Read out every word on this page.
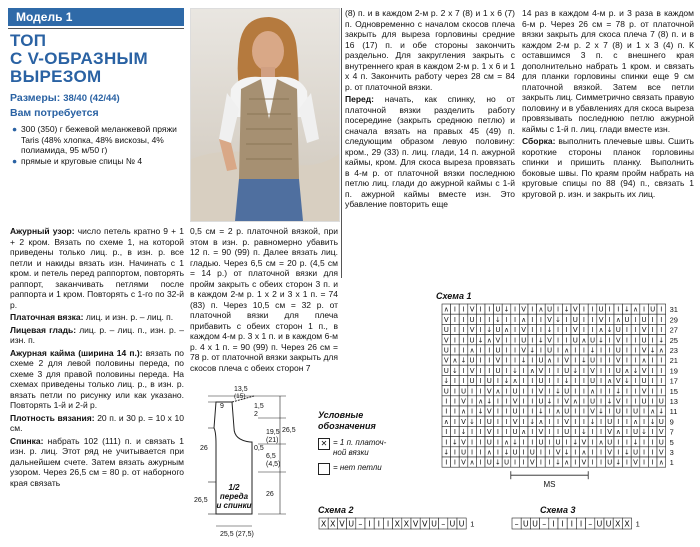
Модель 1
ТОП
С V-ОБРАЗНЫМ
ВЫРЕЗОМ
Размеры: 38/40 (42/44)
Вам потребуется
● 300 (350) г бежевой меланжевой пряжи Taris (48% хлопка, 48% вискозы, 4% полиамида, 95 м/50 г)
● прямые и круговые спицы № 4

Ажурный узор: число петель кратно 9 + 1 + 2 кром. Вязать по схеме 1, на которой приведены только лиц. р., в изн. р. все петли и накиды вязать изн. Начинать с 1 кром. и петель перед раппортом, повторять раппорт, заканчивать петлями после раппорта и 1 кром. Повторять с 1-го по 32-й р.

Платочная вязка: лиц. и изн. р. – лиц. п.

Лицевая гладь: лиц. р. – лиц. п., изн. р. – изн. п.

Ажурная кайма (ширина 14 п.): вязать по схеме 2 для левой половины переда, по схеме 3 для правой половины переда. На схемах приведены только лиц. р., в изн. р. вязать петли по рисунку или как указано. Повторять 1-й и 2-й р.

Плотность вязания: 20 п. и 30 р. = 10 х 10 см.

Спинка: набрать 102 (111) п. и связать 1 изн. р. лиц. Этот ряд не учитывается при дальнейшем счете. Затем вязать ажурным узором. Через 26,5 см = 80 р. от наборного края связать

0,5 см = 2 р. платочной вязкой, при этом в изн. р. равномерно убавить 12 п. = 90 (99) п. Далее вязать лиц. гладью. Через 6,5 см = 20 р. (4,5 см = 14 р.) от платочной вязки для пройм закрыть с обеих сторон 3 п. и в каждом 2-м р. 1 х 2 и 3 х 1 п. = 74 (83) п. Через 10,5 см = 32 р. от платочной вязки для плеча прибавить с обеих сторон 1 п., в каждом 4-м р. 3 х 1 п. и в каждом 6-м р. 4 х 1 п. = 90 (99) п. Через 26 см = 78 р. от платочной вязки закрыть для скосов плеча с обеих сторон 7

(8) п. и в каждом 2-м р. 2 х 7 (8) и 1 х 6 (7) п. Одновременно с началом скосов плеча закрыть для выреза горловины средние 16 (17) п. и обе стороны закончить раздельно. Для закругления закрыть с внутреннего края в каждом 2-м р. 1 х 6 и 1 х 4 п. Закончить работу через 28 см = 84 р. от платочной вязки.

Перед: начать, как спинку, но от платочной вязки разделить работу посередине (закрыть среднюю петлю) и сначала вязать на правых 45 (49) п. следующим образом левую половину: кром., 29 (33) п. лиц. глади, 14 п. ажурной каймы, кром. Для скоса выреза провязать в 4-м р. от платочной вязки последнюю петлю лиц. глади до ажурной каймы с 1-й п. ажурной каймы вместе изн. Это убавление повторить еще

14 раз в каждом 4-м р. и 3 раза в каждом 6-м р. Через 26 см = 78 р. от платочной вязки закрыть для скоса плеча 7 (8) п. и в каждом 2-м р. 2 х 7 (8) и 1 х 3 (4) п. К оставшимся 3 п. с внешнего края дополнительно набрать 1 кром. и связать для планки горловины спинки еще 9 см платочной вязкой. Затем все петли закрыть лиц. Симметрично связать правую половину и в убавлениях для скоса выреза провязывать последнюю петлю ажурной каймы с 1-й п. лиц. глади вместе изн.

Сборка: выполнить плечевые швы. Сшить короткие стороны планок горловины спинки и пришить планку. Выполнить боковые швы. По краям пройм набрать на круговые спицы по 88 (94) п., связать 1 круговой р. изн. и закрыть их лиц.

13,5
(15)
9	1,5
2
26
19,5
(21)
26,5
0,5
6,5
(4,5)
26
26,5
25,5 (27,5)
1/2
переда
и спинки
Условные
обозначения
✕ = 1 п. платоч-
ной вязки
= нет петли
Схема 1
∧ I I V I I U ↓ I V I ∧ U I ↓ V I I U I I ↓ ∧ I U I 31
V I I U I I ↓ I I ∧ I I V ↓ I U I I V I ∧ U I U I I 29
U I I V I ↓ U ∧ I V I I ↓ I I V I I ∧ ↓ U I I V I I 27
V I I U ↓ ∧ V I I U I ↓ V I I U ∧ U ↓ I V I I U I ↓ 25
U I I ∧ I I U I I V ↓ I U I ∧ I I ↓ I I U I I V ↓ ∧ 23
V ∧ ↓ U I I V I I ↓ I U ∧ I V I ↓ U I I V I I ∧ I I 21
U ↓ I V I I U I ↓ I ∧ V I I U ↓ I V I I U ∧ ↓ V I I 19
↓ I I U I U I ↓ ∧ I I U I I ↓ I I U I ∧ V ↓ I U I I 17
U I U I I V ∧ I U I I V I ↓ U I I ∧ I I ↓ I I V I I 15
I I V I ∧ ↓ I I V I I U ↓ I V ∧ I U I ↓ V I I U I U 13
I I ∧ I ↓ V I I U I I ↓ I ∧ U I I V ↓ I U I U I ∧ ↓ 11
∧ I V ↓ I U I I V I ↓ ∧ I I V I I ↓ I U I I ∧ I ↓ U 9
I I ↓ I I V I I U ∧ I V I I U I ↓ I I V ∧ I U ↓ I V 7
I ↓ V I I U I ∧ ↓ I I U I U I ↓ V I ∧ U I I ↓ I I U 5
↓ I U I I ∧ I ↓ U I U I I V ↓ I ∧ I I V I ↓ U I I V 3
I I V ∧ I U ↓ U I I V I I ↓ ∧ I V I I U ↓ I V I I ∧ 1
MS
Схема 2
X X V U – I I I X X V V U – U U 1
Схема 3
– U U – I I I I – U U X X 1
